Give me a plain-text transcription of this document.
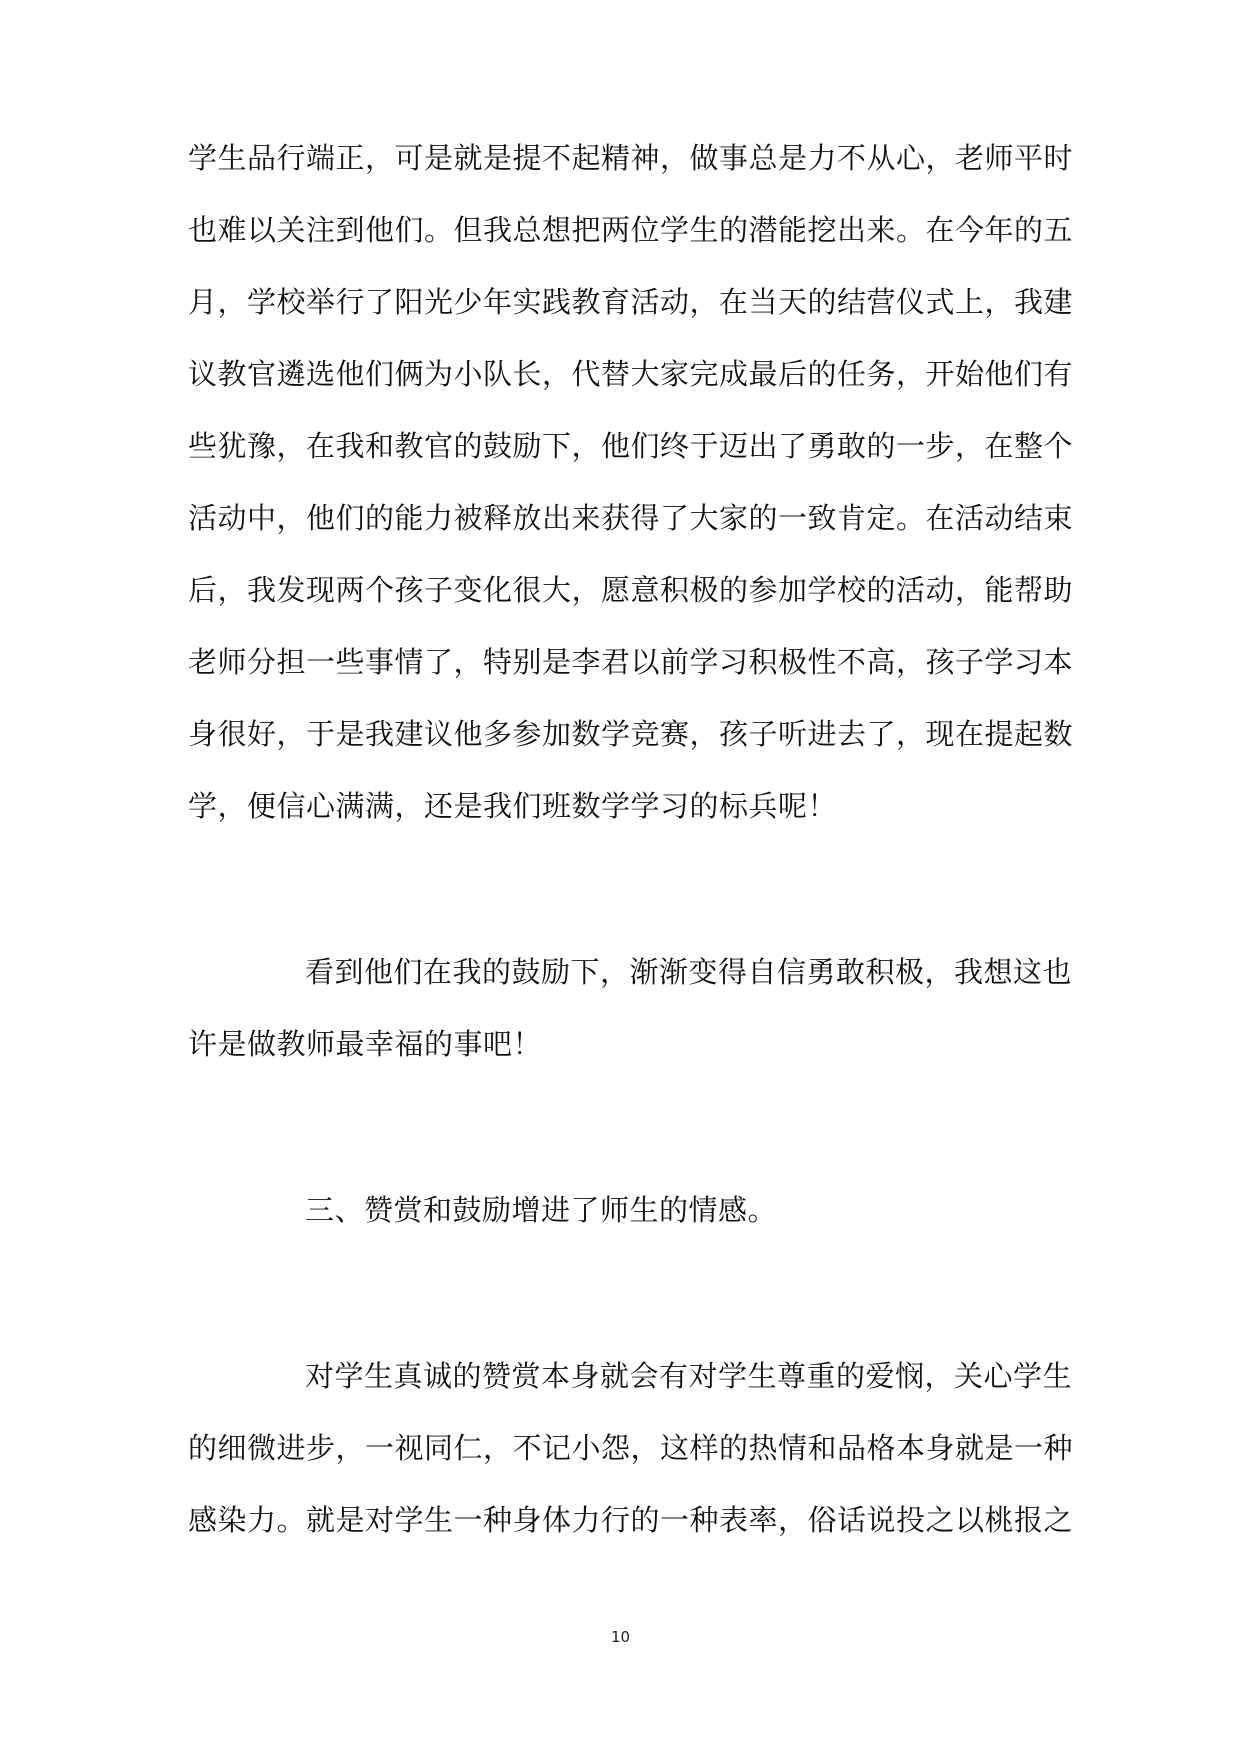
学生品行端正，可是就是提不起精神，做事总是力不从心，老师平时
也难以关注到他们。但我总想把两位学生的潜能挖出来。在今年的五
月，学校举行了阳光少年实践教育活动，在当天的结营仪式上，我建
议教官遴选他们俩为小队长，代替大家完成最后的任务，开始他们有
些犹豫，在我和教官的鼓励下，他们终于迈出了勇敢的一步，在整个
活动中，他们的能力被释放出来获得了大家的一致肯定。在活动结束
后，我发现两个孩子变化很大，愿意积极的参加学校的活动，能帮助
老师分担一些事情了，特别是李君以前学习积极性不高，孩子学习本
身很好，于是我建议他多参加数学竞赛，孩子听进去了，现在提起数
学，便信心满满，还是我们班数学学习的标兵呢！
看到他们在我的鼓励下，渐渐变得自信勇敢积极，我想这也
许是做教师最幸福的事吧！
三、赞赏和鼓励增进了师生的情感。
对学生真诚的赞赏本身就会有对学生尊重的爱悯，关心学生
的细微进步，一视同仁，不记小怨，这样的热情和品格本身就是一种
感染力。就是对学生一种身体力行的一种表率，俗话说投之以桃报之
10
